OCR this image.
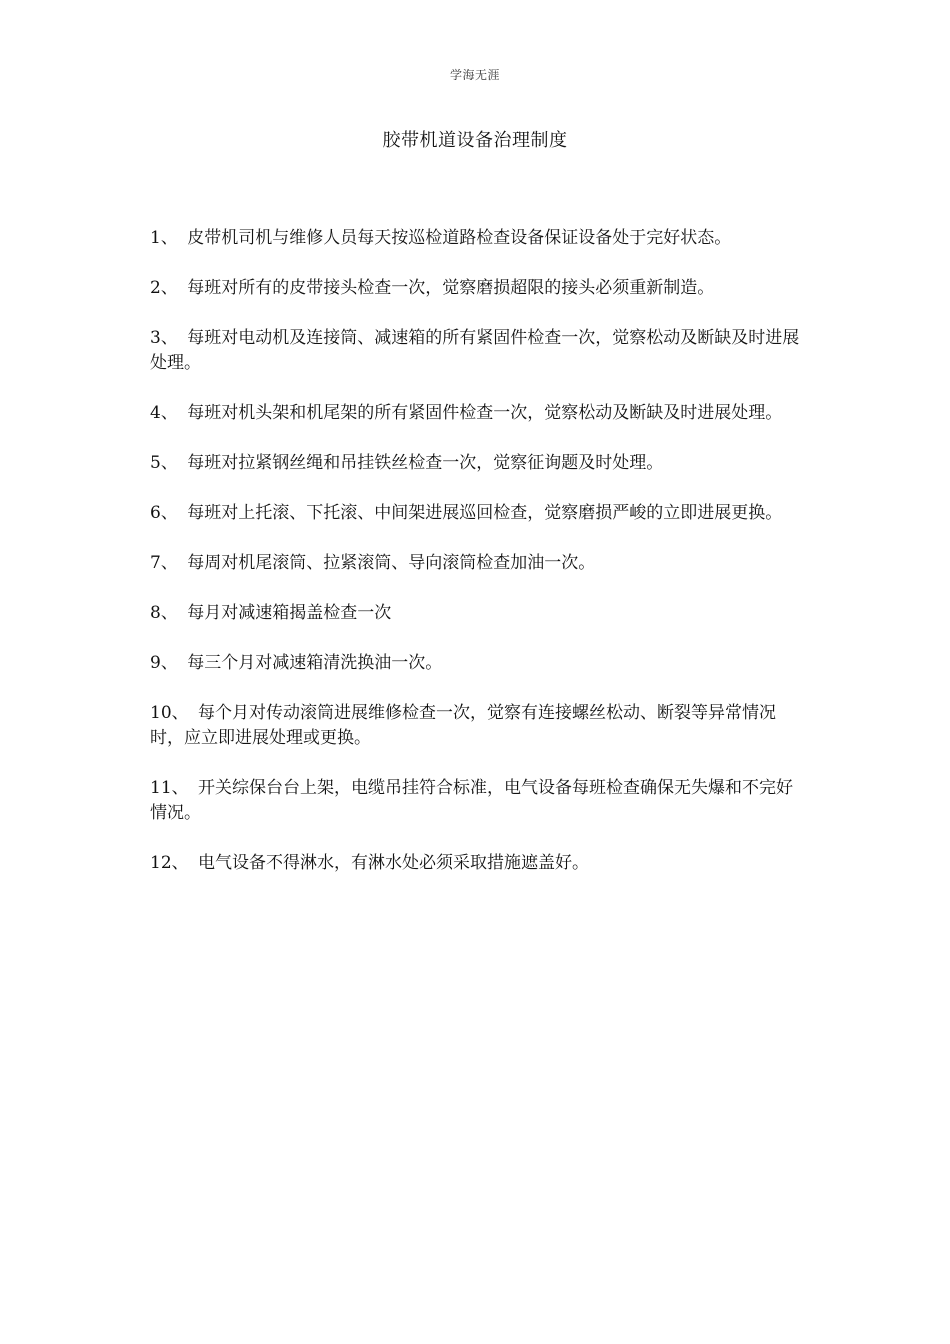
学海无涯
胶带机道设备治理制度
1、 皮带机司机与维修人员每天按巡检道路检查设备保证设备处于完好状态。
2、 每班对所有的皮带接头检查一次，觉察磨损超限的接头必须重新制造。
3、 每班对电动机及连接筒、减速箱的所有紧固件检查一次，觉察松动及断缺及时进展处理。
4、 每班对机头架和机尾架的所有紧固件检查一次，觉察松动及断缺及时进展处理。
5、 每班对拉紧钢丝绳和吊挂铁丝检查一次，觉察征询题及时处理。
6、 每班对上托滚、下托滚、中间架进展巡回检查，觉察磨损严峻的立即进展更换。
7、 每周对机尾滚筒、拉紧滚筒、导向滚筒检查加油一次。
8、 每月对减速箱揭盖检查一次
9、 每三个月对减速箱清洗换油一次。
10、 每个月对传动滚筒进展维修检查一次，觉察有连接螺丝松动、断裂等异常情况时，应立即进展处理或更换。
11、 开关综保台台上架，电缆吊挂符合标准，电气设备每班检查确保无失爆和不完好情况。
12、 电气设备不得淋水，有淋水处必须采取措施遮盖好。
